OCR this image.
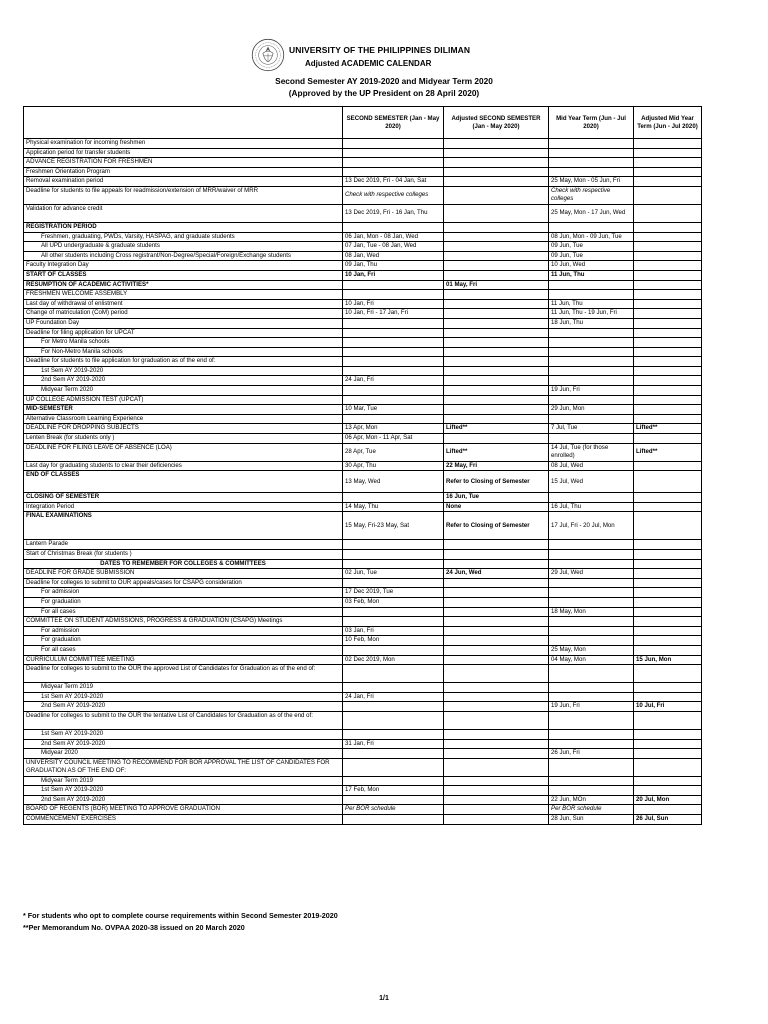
UNIVERSITY OF THE PHILIPPINES DILIMAN
Adjusted ACADEMIC CALENDAR
Second Semester AY 2019-2020 and Midyear Term 2020
(Approved by the UP President on 28 April 2020)
	SECOND SEMESTER (Jan - May 2020)	Adjusted SECOND SEMESTER (Jan - May 2020)	Mid Year Term (Jun - Jul 2020)	Adjusted Mid Year Term (Jun - Jul 2020)
Physical examination for incoming freshmen				
Application period for transfer students				
ADVANCE REGISTRATION FOR FRESHMEN				
Freshmen Orientation Program				
Removal examination period	13 Dec 2019, Fri - 04 Jan, Sat		25 May, Mon - 05 Jun, Fri	
Deadline for students to file appeals for readmission/extension of MRR/waiver of MRR	Check with respective colleges		Check with respective colleges	
Validation for advance credit	13 Dec 2019, Fri - 16 Jan, Thu		25 May, Mon - 17 Jun, Wed	
REGISTRATION PERIOD				
Freshmen, graduating, PWDs, Varsity, HASPAG, and graduate students	06 Jan, Mon - 08 Jan, Wed		08 Jun, Mon - 09 Jun, Tue	
All UPD undergraduate & graduate students	07 Jan, Tue - 08 Jan, Wed		09 Jun, Tue	
All other students including Cross registrant/Non-Degree/Special/Foreign/Exchange students	08 Jan, Wed		09 Jun, Tue	
Faculty Integration Day	09 Jan, Thu		10 Jun, Wed	
START OF CLASSES	10 Jan, Fri		11 Jun, Thu	
RESUMPTION OF ACADEMIC ACTIVITIES*		01 May, Fri		
FRESHMEN WELCOME ASSEMBLY				
Last day of withdrawal of enlistment	10 Jan, Fri		11 Jun, Thu	
Change of matriculation (CoM) period	10 Jan, Fri - 17 Jan, Fri		11 Jun, Thu - 19 Jun, Fri	
UP Foundation Day			18 Jun, Thu	
Deadline for filing application for UPCAT				
For Metro Manila schools				
For Non-Metro Manila schools				
Deadline for students to file application for graduation as of the end of:				
1st Sem AY 2019-2020				
2nd Sem AY 2019-2020	24 Jan, Fri			
Midyear Term 2020			19 Jun, Fri	
UP COLLEGE ADMISSION TEST (UPCAT)				
MID-SEMESTER	10 Mar, Tue		29 Jun, Mon	
Alternative Classroom Learning Experience				
DEADLINE FOR DROPPING SUBJECTS	13 Apr, Mon	Lifted**	7 Jul, Tue	Lifted**
Lenten Break (for students only )	06 Apr, Mon - 11 Apr, Sat			
DEADLINE FOR FILING LEAVE OF ABSENCE (LOA)	28 Apr, Tue	Lifted**	14 Jul, Tue (for those enrolled)	Lifted**
Last day for graduating students to clear their deficiencies	30 Apr, Thu	22 May, Fri	08 Jul, Wed	
END OF CLASSES	13 May, Wed	Refer to Closing of Semester	15 Jul, Wed	
CLOSING OF SEMESTER		16 Jun, Tue		
Integration Period	14 May, Thu	None	16 Jul, Thu	
FINAL EXAMINATIONS	15 May, Fri-23 May, Sat	Refer to Closing of Semester	17 Jul, Fri - 20 Jul, Mon	
Lantern Parade				
Start of Christmas Break (for students )				
DATES TO REMEMBER FOR COLLEGES & COMMITTEES				
DEADLINE FOR GRADE SUBMISSION	02 Jun, Tue	24 Jun, Wed	29 Jul, Wed	
Deadline for colleges to submit to OUR appeals/cases for CSAPG consideration				
For admission	17 Dec 2019, Tue			
For graduation	03 Feb, Mon			
For all cases			18 May, Mon	
COMMITTEE ON STUDENT ADMISSIONS, PROGRESS & GRADUATION (CSAPG) Meetings				
For admission	03 Jan, Fri			
For graduation	10 Feb, Mon			
For all cases			25 May, Mon	
CURRICULUM COMMITTEE MEETING	02 Dec 2019, Mon		04 May, Mon	15 Jun, Mon
Deadline for colleges to submit to the OUR the approved List of Candidates for Graduation as of the end of:				
Midyear Term 2019				
1st Sem AY 2019-2020	24 Jan, Fri			
2nd Sem AY 2019-2020			19 Jun, Fri	10 Jul, Fri
Deadline for colleges to submit to the OUR the tentative List of Candidates for Graduation as of the end of:				
1st Sem AY 2019-2020				
2nd Sem AY 2019-2020	31 Jan, Fri			
Midyear 2020			26 Jun, Fri	
UNIVERSITY COUNCIL MEETING TO RECOMMEND FOR BOR APPROVAL THE LIST OF CANDIDATES FOR GRADUATION AS OF THE END OF:				
Midyear Term 2019				
1st Sem AY 2019-2020	17 Feb, Mon			
2nd Sem AY 2019-2020			22 Jun, MOn	20 Jul, Mon
BOARD OF REGENTS (BOR) MEETING TO APPROVE GRADUATION	Per BOR schedule		Per BOR schedule	
COMMENCEMENT EXERCISES			28 Jun, Sun	26 Jul, Sun
* For students who opt to complete course requirements within Second Semester 2019-2020
**Per Memorandum No. OVPAA 2020-38 issued on 20 March 2020
1/1
